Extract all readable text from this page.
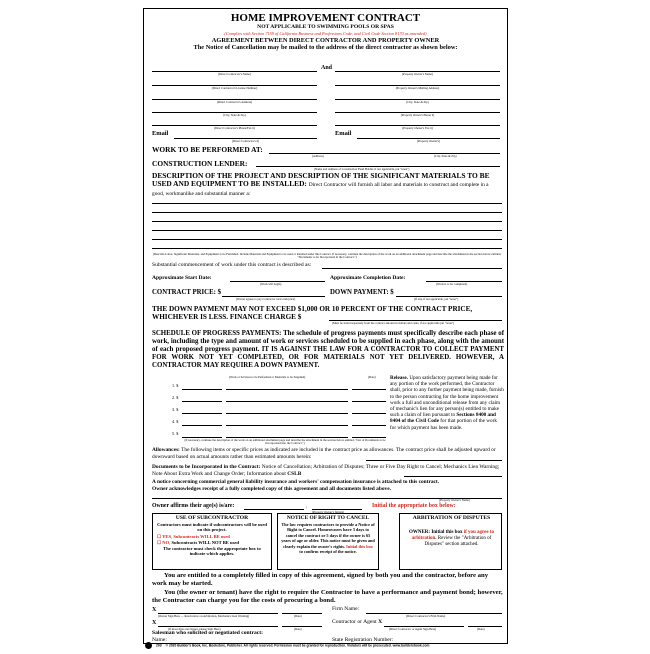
HOME IMPROVEMENT CONTRACT
NOT APPLICABLE TO SWIMMING POOLS OR SPAS
(Complies with Section 7159 of California Business and Professions Code, and Civil Code Section 8170 as amended)
AGREEMENT BETWEEN DIRECT CONTRACTOR AND PROPERTY OWNER
The Notice of Cancellation may be mailed to the address of the direct contractor as shown below:
And
(Direct Contractor's Name)	(Property Owner's Name)
(Direct Contractor's License Number)	(Property Owner's Mailing Address)
(Direct Contractor's Address)	(City, State & Zip)
(City, State & Zip)	(Property Owner's Phone #)
(Direct Contractor's Phone/Fax #)	(Property Owner's Fax #)
Email
(Direct Contractor's #)
Email
(Property Owner's)
WORK TO BE PERFORMED AT:
(Address)	(City, State & Zip)
CONSTRUCTION LENDER:
(Name and Address of Construction Fund Holder, if not applicable, put "none")
DESCRIPTION OF THE PROJECT AND DESCRIPTION OF THE SIGNIFICANT MATERIALS TO BE USED AND EQUIPMENT TO BE INSTALLED: Direct Contractor will furnish all labor and materials to construct and complete in a good, workmanlike and substantial manner a:
(Describe Labor, Significant Materials, and Equipment to be Furnished. Include Materials and Equipment to be used or installed under this Contract. If necessary, continue the description of the work on an additional attachment page and describe the attachment in the section below entitled, "Documents to be Incorporated in the Contract.")
Substantial commencement of work under this contract is described as:
Approximate Start Date:
(Work will begin)
Approximate Completion Date:
(Work is to be completed)
CONTRACT PRICE: $
(Owner agrees to pay Contractor total cash price)
DOWN PAYMENT: $
(If any, if not applicable, put "none")
THE DOWN PAYMENT MAY NOT EXCEED $1,000 OR 10 PERCENT OF THE CONTRACT PRICE, WHICHEVER IS LESS. FINANCE CHARGE $
(Must be stated separately from the contract amount in dollars and cents, if not applicable put "none")
SCHEDULE OF PROGRESS PAYMENTS: The schedule of progress payments must specifically describe each phase of work, including the type and amount of work or services scheduled to be supplied in each phase, along with the amount of each proposed progress payment. IT IS AGAINST THE LAW FOR A CONTRACTOR TO COLLECT PAYMENT FOR WORK NOT YET COMPLETED, OR FOR MATERIALS NOT YET DELIVERED. HOWEVER, A CONTRACTOR MAY REQUIRE A DOWN PAYMENT.
(Work or Services to be Performed or Materials to be Supplied)	(Date)
1. $
2. $
3. $
4. $
5. $
(If necessary, continue the description of the work on an additional attachment page and describe the attachment in the section below entitled, "List of Documents to be Incorporated into the Contract.")
Release. Upon satisfactory payment being made for any portion of the work performed, the Contractor shall, prior to any further payment being made, furnish to the person contracting for the home improvement work a full and unconditional release from any claim of mechanic's lien for any person(s) entitled to make such a claim of lien pursuant to Sections 8400 and 8404 of the Civil Code for that portion of the work for which payment has been made.
Allowances: The following items or specific prices as indicated are included in the contract price as allowances. The contract price shall be adjusted upward or downward based on actual amounts rather than estimated amounts herein:
Documents to be Incorporated in the Contract: Notice of Cancellation; Arbitration of Disputes; Three or Five Day Right to Cancel; Mechanics Lien Warning; Note About Extra Work and Change Order; Information about CSLB
A notice concerning commercial general liability insurance and workers' compensation insurance is attached to this contract.
Owner acknowledges receipt of a fully completed copy of this agreement and all documents listed above.
(Property Owner's Name)
Owner affirms their age(s) is/are:	;
(Property Owner's Initials)
Initial the appropriate box below:
USE OF SUBCONTRACTOR
Contractors must indicate if subcontractors will be used on this project.
☐ YES, Subcontracts WILL BE used
☐ NO, Subcontracts WILL NOT BE used
The contractor must check the appropriate box to indicate which applies.
NOTICE OF RIGHT TO CANCEL
The law requires contractors to provide a Notice of Right to Cancel. Homeowners have 3 days to cancel the contract or 5 days if the owner is 65 years of age or older. This notice must be given and clearly explain the owner's rights. Initial this box to confirm receipt of the notice.
ARBITRATION OF DISPUTES
OWNER: Initial this box if you agree to arbitration. Review the "Arbitration of Disputes" section attached.
You are entitled to a completely filled in copy of this agreement, signed by both you and the contractor, before any work may be started.
You (the owner or tenant) have the right to require the Contractor to have a performance and payment bond; however, the Contractor can charge you for the costs of procuring a bond.
X
(Owner Sign Here — Read notice on Arbitration, Mechanics Lien Warning)	(Date)
Firm Name:
(Direct Contractor's Firm Name)
X
(If more than one Owner, please Sign Here)	(Date)
Contractor or Agent X
(Direct Contractor or Agent Sign Here)	(Date)
Salesman who solicited or negotiated contract:
Name:	State Registration Number:
203 © 2020 Builder's Book, Inc. Bookstore, Publisher. All rights reserved. Permission must be granted for reproduction. Violators will be prosecuted. www.buildersbook.com
